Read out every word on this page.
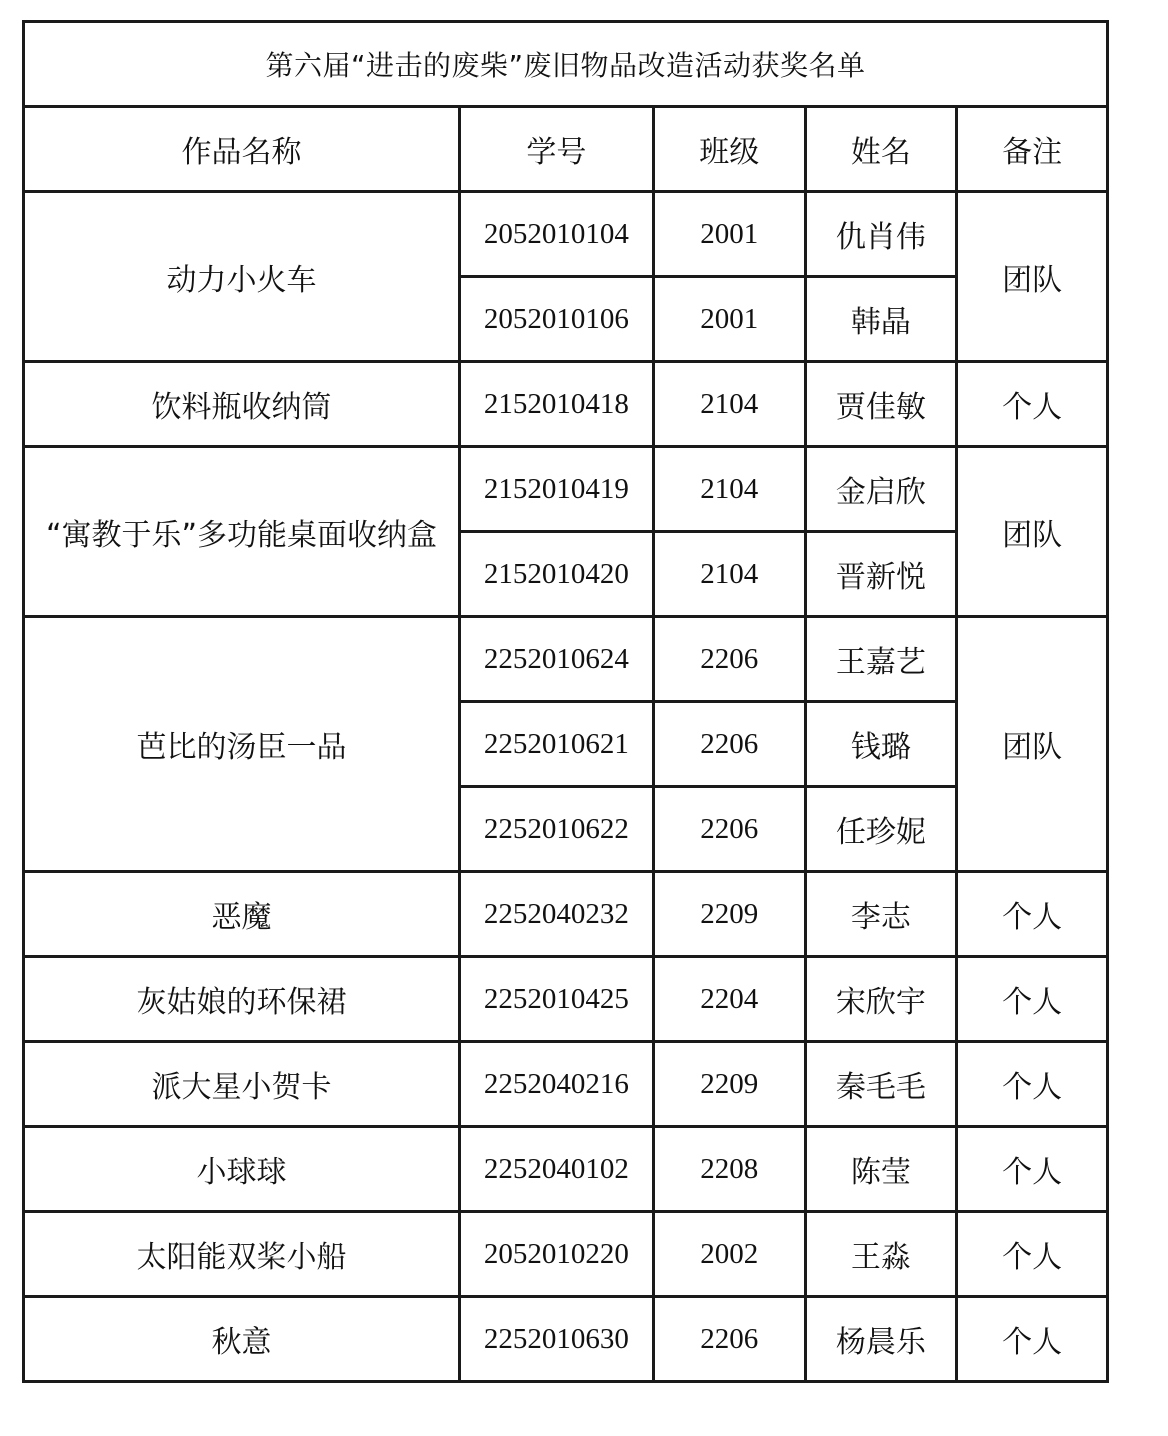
第六届“进击的废柴”废旧物品改造活动获奖名单				
作品名称	学号	班级	姓名	备注
动力小火车	2052010104	2001	仇肖伟	团队
	2052010106	2001	韩晶	
饮料瓶收纳筒	2152010418	2104	贾佳敏	个人
“寓教于乐”多功能桌面收纳盒	2152010419	2104	金启欣	团队
	2152010420	2104	晋新悦	
芭比的汤臣一品	2252010624	2206	王嘉艺	团队
	2252010621	2206	钱璐	
	2252010622	2206	任珍妮	
恶魔	2252040232	2209	李志	个人
灰姑娘的环保裙	2252010425	2204	宋欣宇	个人
派大星小贺卡	2252040216	2209	秦毛毛	个人
小球球	2252040102	2208	陈莹	个人
太阳能双桨小船	2052010220	2002	王淼	个人
秋意	2252010630	2206	杨晨乐	个人
